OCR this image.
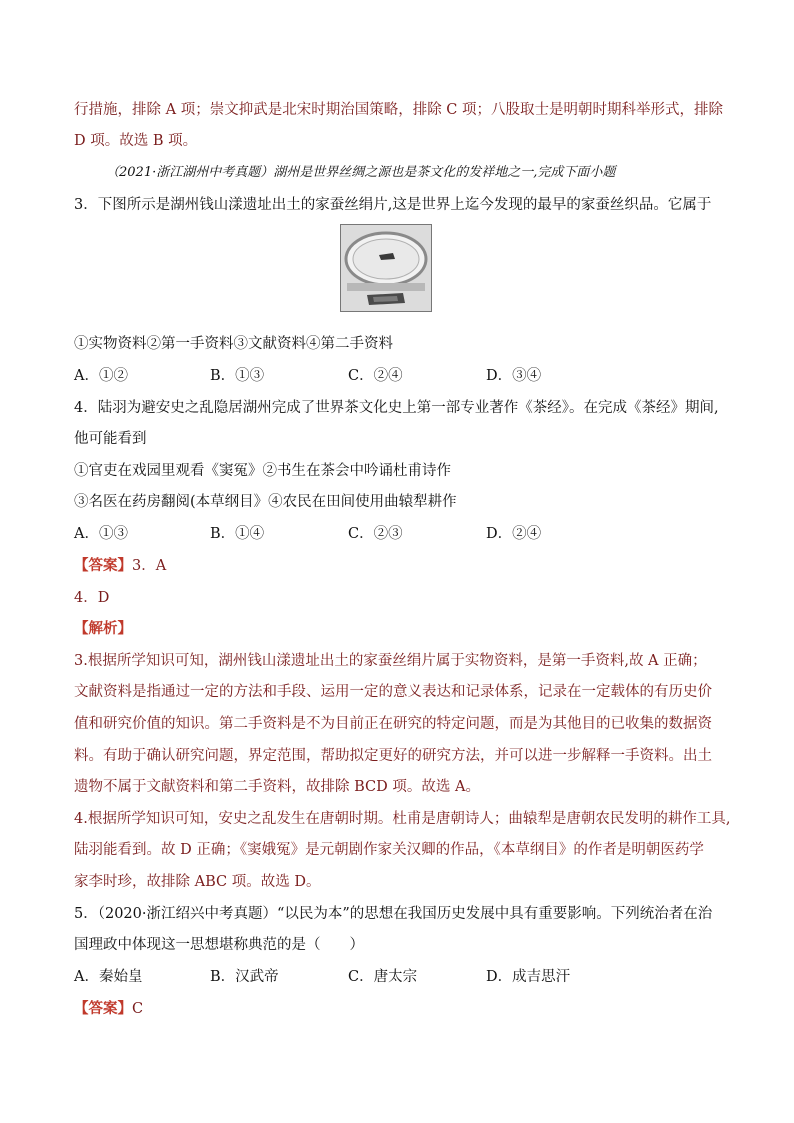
行措施，排除 A 项；崇文抑武是北宋时期治国策略，排除 C 项；八股取士是明朝时期科举形式，排除
D 项。故选 B 项。
（2021·浙江湖州中考真题）湖州是世界丝绸之源也是茶文化的发祥地之一,完成下面小题
3．下图所示是湖州钱山漾遗址出土的家蚕丝绢片,这是世界上迄今发现的最早的家蚕丝织品。它属于
①实物资料②第一手资料③文献资料④第二手资料
A．①②	B．①③	C．②④	D．③④
4．陆羽为避安史之乱隐居湖州完成了世界茶文化史上第一部专业著作《茶经》。在完成《茶经》期间,
他可能看到
①官吏在戏园里观看《窦冤》②书生在茶会中吟诵杜甫诗作
③名医在药房翻阅(本草纲目》④农民在田间使用曲辕犁耕作
A．①③	B．①④	C．②③	D．②④
【答案】3．A
4．D
【解析】
3.根据所学知识可知，湖州钱山漾遗址出土的家蚕丝绢片属于实物资料，是第一手资料,故 A 正确；
文献资料是指通过一定的方法和手段、运用一定的意义表达和记录体系，记录在一定载体的有历史价
值和研究价值的知识。第二手资料是不为目前正在研究的特定问题，而是为其他目的已收集的数据资
料。有助于确认研究问题，界定范围，帮助拟定更好的研究方法，并可以进一步解释一手资料。出土
遗物不属于文献资料和第二手资料，故排除 BCD 项。故选 A。
4.根据所学知识可知，安史之乱发生在唐朝时期。杜甫是唐朝诗人；曲辕犁是唐朝农民发明的耕作工具,
陆羽能看到。故 D 正确；《窦娥冤》是元朝剧作家关汉卿的作品，《本草纲目》的作者是明朝医药学
家李时珍，故排除 ABC 项。故选 D。
5．（2020·浙江绍兴中考真题）“以民为本”的思想在我国历史发展中具有重要影响。下列统治者在治
国理政中体现这一思想堪称典范的是（　　）
A．秦始皇	B．汉武帝	C．唐太宗	D．成吉思汗
【答案】C
